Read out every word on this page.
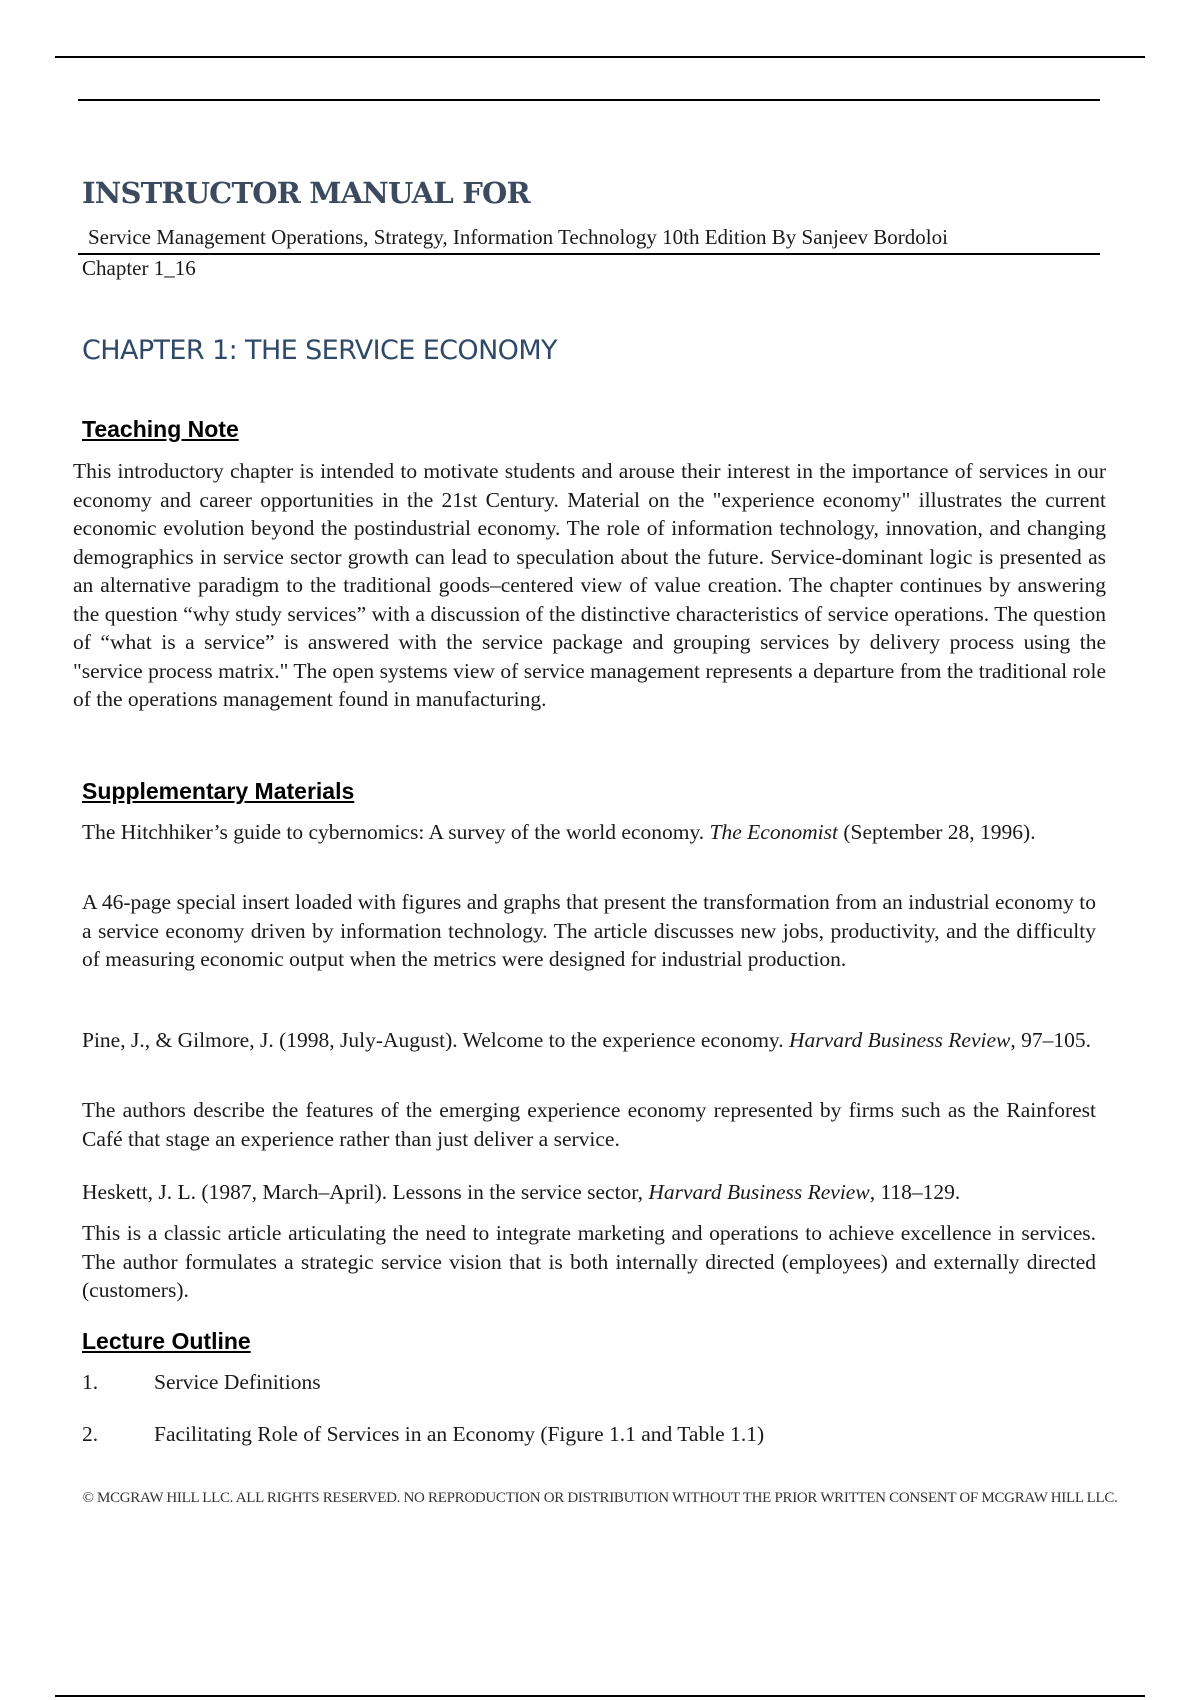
INSTRUCTOR MANUAL FOR

Service Management Operations, Strategy, Information Technology 10th Edition By Sanjeev Bordoloi

Chapter 1_16

CHAPTER 1: THE SERVICE ECONOMY
Teaching Note

This introductory chapter is intended to motivate students and arouse their interest in the importance of services in our economy and career opportunities in the 21st Century. Material on the "experience economy" illustrates the current economic evolution beyond the postindustrial economy. The role of information technology, innovation, and changing demographics in service sector growth can lead to speculation about the future. Service-dominant logic is presented as an alternative paradigm to the traditional goods–centered view of value creation. The chapter continues by answering the question “why study services” with a discussion of the distinctive characteristics of service operations. The question of “what is a service” is answered with the service package and grouping services by delivery process using the "service process matrix." The open systems view of service management represents a departure from the traditional role of the operations management found in manufacturing.

Supplementary Materials

The Hitchhiker’s guide to cybernomics: A survey of the world economy. The Economist (September 28, 1996).

A 46-page special insert loaded with figures and graphs that present the transformation from an industrial economy to a service economy driven by information technology. The article discusses new jobs, productivity, and the difficulty of measuring economic output when the metrics were designed for industrial production.

Pine, J., & Gilmore, J. (1998, July-August). Welcome to the experience economy. Harvard Business Review, 97–105.

The authors describe the features of the emerging experience economy represented by firms such as the Rainforest Café that stage an experience rather than just deliver a service.

Heskett, J. L. (1987, March–April). Lessons in the service sector, Harvard Business Review, 118–129.

This is a classic article articulating the need to integrate marketing and operations to achieve excellence in services. The author formulates a strategic service vision that is both internally directed (employees) and externally directed (customers).

Lecture Outline
1.	Service Definitions
2.	Facilitating Role of Services in an Economy (Figure 1.1 and Table 1.1)

© MCGRAW HILL LLC. ALL RIGHTS RESERVED. NO REPRODUCTION OR DISTRIBUTION WITHOUT THE PRIOR WRITTEN CONSENT OF MCGRAW HILL LLC.
